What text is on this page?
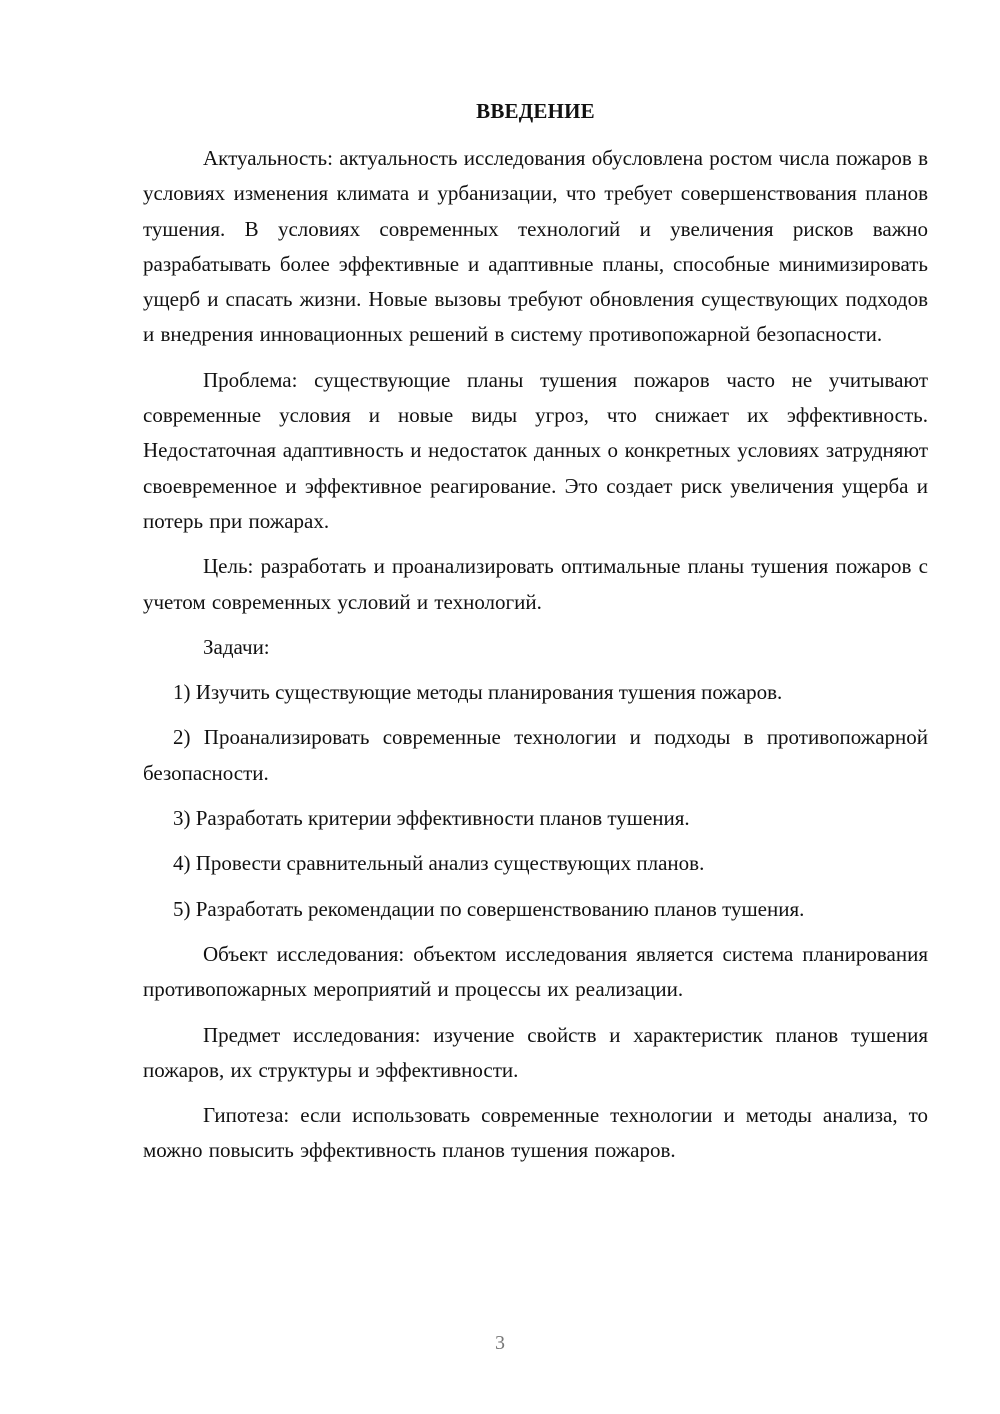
ВВЕДЕНИЕ

Актуальность: актуальность исследования обусловлена ростом числа пожаров в условиях изменения климата и урбанизации, что требует совершенствования планов тушения. В условиях современных технологий и увеличения рисков важно разрабатывать более эффективные и адаптивные планы, способные минимизировать ущерб и спасать жизни. Новые вызовы требуют обновления существующих подходов и внедрения инновационных решений в систему противопожарной безопасности.

Проблема: существующие планы тушения пожаров часто не учитывают современные условия и новые виды угроз, что снижает их эффективность. Недостаточная адаптивность и недостаток данных о конкретных условиях затрудняют своевременное и эффективное реагирование. Это создает риск увеличения ущерба и потерь при пожарах.

Цель: разработать и проанализировать оптимальные планы тушения пожаров с учетом современных условий и технологий.

Задачи:

1) Изучить существующие методы планирования тушения пожаров.

2) Проанализировать современные технологии и подходы в противопожарной безопасности.

3) Разработать критерии эффективности планов тушения.

4) Провести сравнительный анализ существующих планов.

5) Разработать рекомендации по совершенствованию планов тушения.

Объект исследования: объектом исследования является система планирования противопожарных мероприятий и процессы их реализации.

Предмет исследования: изучение свойств и характеристик планов тушения пожаров, их структуры и эффективности.

Гипотеза: если использовать современные технологии и методы анализа, то можно повысить эффективность планов тушения пожаров.

3
